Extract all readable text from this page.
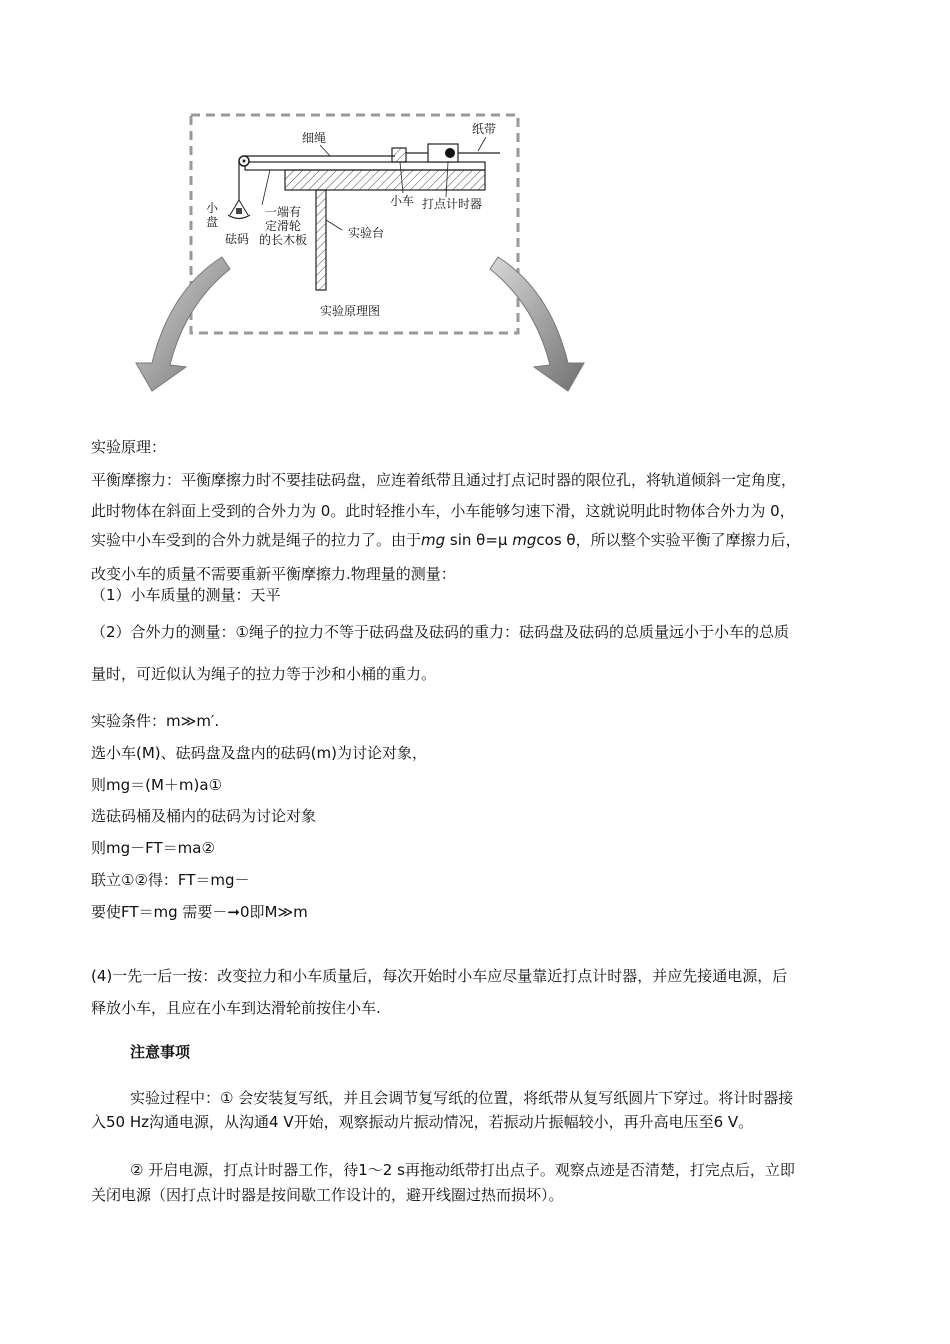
细绳
纸带
小车 打点计时器
小
盘
砝码
一端有
定滑轮
的长木板	实验台
实验原理图
实验原理：
平衡摩擦力：平衡摩擦力时不要挂砝码盘，应连着纸带且通过打点记时器的限位孔，将轨道倾斜一定角度，
此时物体在斜面上受到的合外力为 0。此时轻推小车，小车能够匀速下滑，这就说明此时物体合外力为 0，
实验中小车受到的合外力就是绳子的拉力了。由于mg sin θ=μ mgcos θ，所以整个实验平衡了摩擦力后，
改变小车的质量不需要重新平衡摩擦力.物理量的测量：
（1）小车质量的测量：天平
（2）合外力的测量：①绳子的拉力不等于砝码盘及砝码的重力：砝码盘及砝码的总质量远小于小车的总质
量时，可近似认为绳子的拉力等于沙和小桶的重力。
实验条件：m≫m′.
选小车(M)、砝码盘及盘内的砝码(m)为讨论对象，
则mg＝(M＋m)a①
选砝码桶及桶内的砝码为讨论对象
则mg－FT＝ma②
联立①②得：FT＝mg－
要使FT＝mg 需要－➞0即M≫m
(4)一先一后一按：改变拉力和小车质量后，每次开始时小车应尽量靠近打点计时器，并应先接通电源，后
释放小车，且应在小车到达滑轮前按住小车.
注意事项
实验过程中：① 会安装复写纸，并且会调节复写纸的位置，将纸带从复写纸圆片下穿过。将计时器接
入50 Hz沟通电源，从沟通4 V开始，观察振动片振动情况，若振动片振幅较小，再升高电压至6 V。
② 开启电源，打点计时器工作，待1～2 s再拖动纸带打出点子。观察点迹是否清楚，打完点后，立即
关闭电源（因打点计时器是按间歇工作设计的，避开线圈过热而损坏）。
